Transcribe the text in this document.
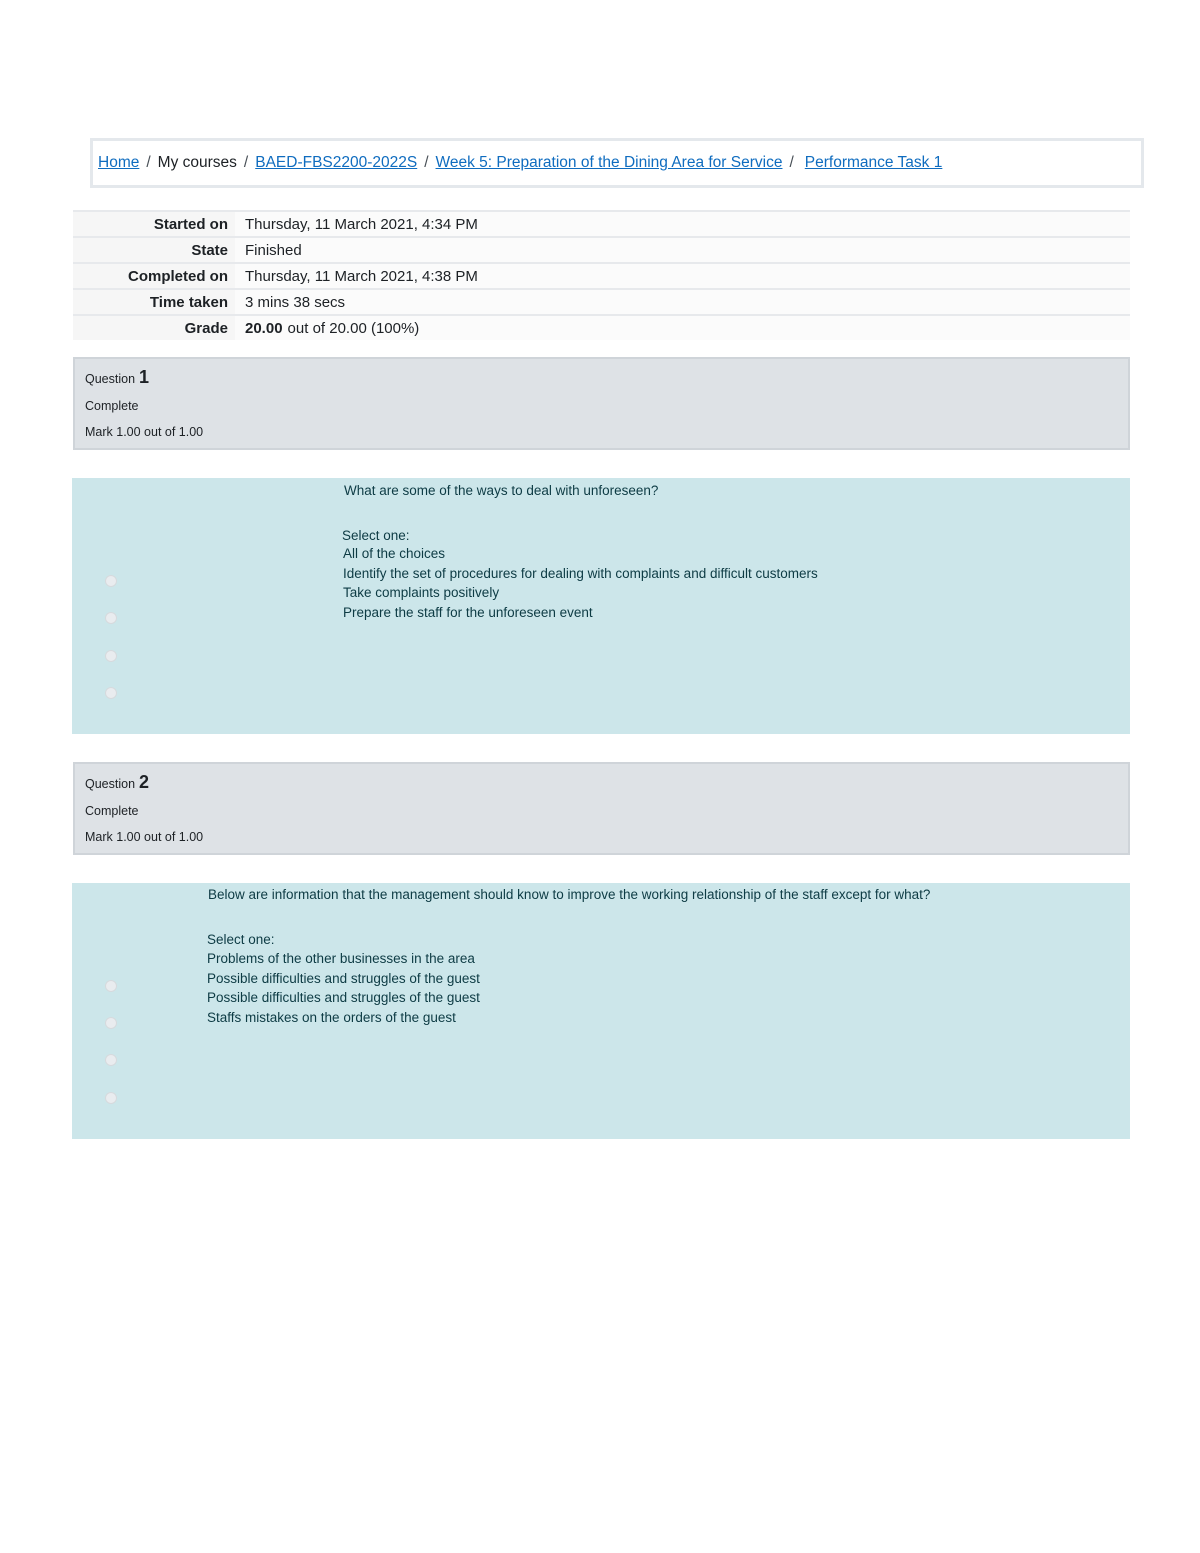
Home / My courses / BAED-FBS2200-2022S / Week 5: Preparation of the Dining Area for Service / Performance Task 1
Started on	Thursday, 11 March 2021, 4:34 PM
State	Finished
Completed on	Thursday, 11 March 2021, 4:38 PM
Time taken	3 mins 38 secs
Grade	20.00 out of 20.00 (100%)
Question 1
Complete
Mark 1.00 out of 1.00
What are some of the ways to deal with unforeseen?
Select one:
All of the choices
Identify the set of procedures for dealing with complaints and difficult customers
Take complaints positively
Prepare the staff for the unforeseen event
Question 2
Complete
Mark 1.00 out of 1.00
Below are information that the management should know to improve the working relationship of the staff except for what?
Select one:
Problems of the other businesses in the area
Possible difficulties and struggles of the guest
Possible difficulties and struggles of the guest
Staffs mistakes on the orders of the guest
